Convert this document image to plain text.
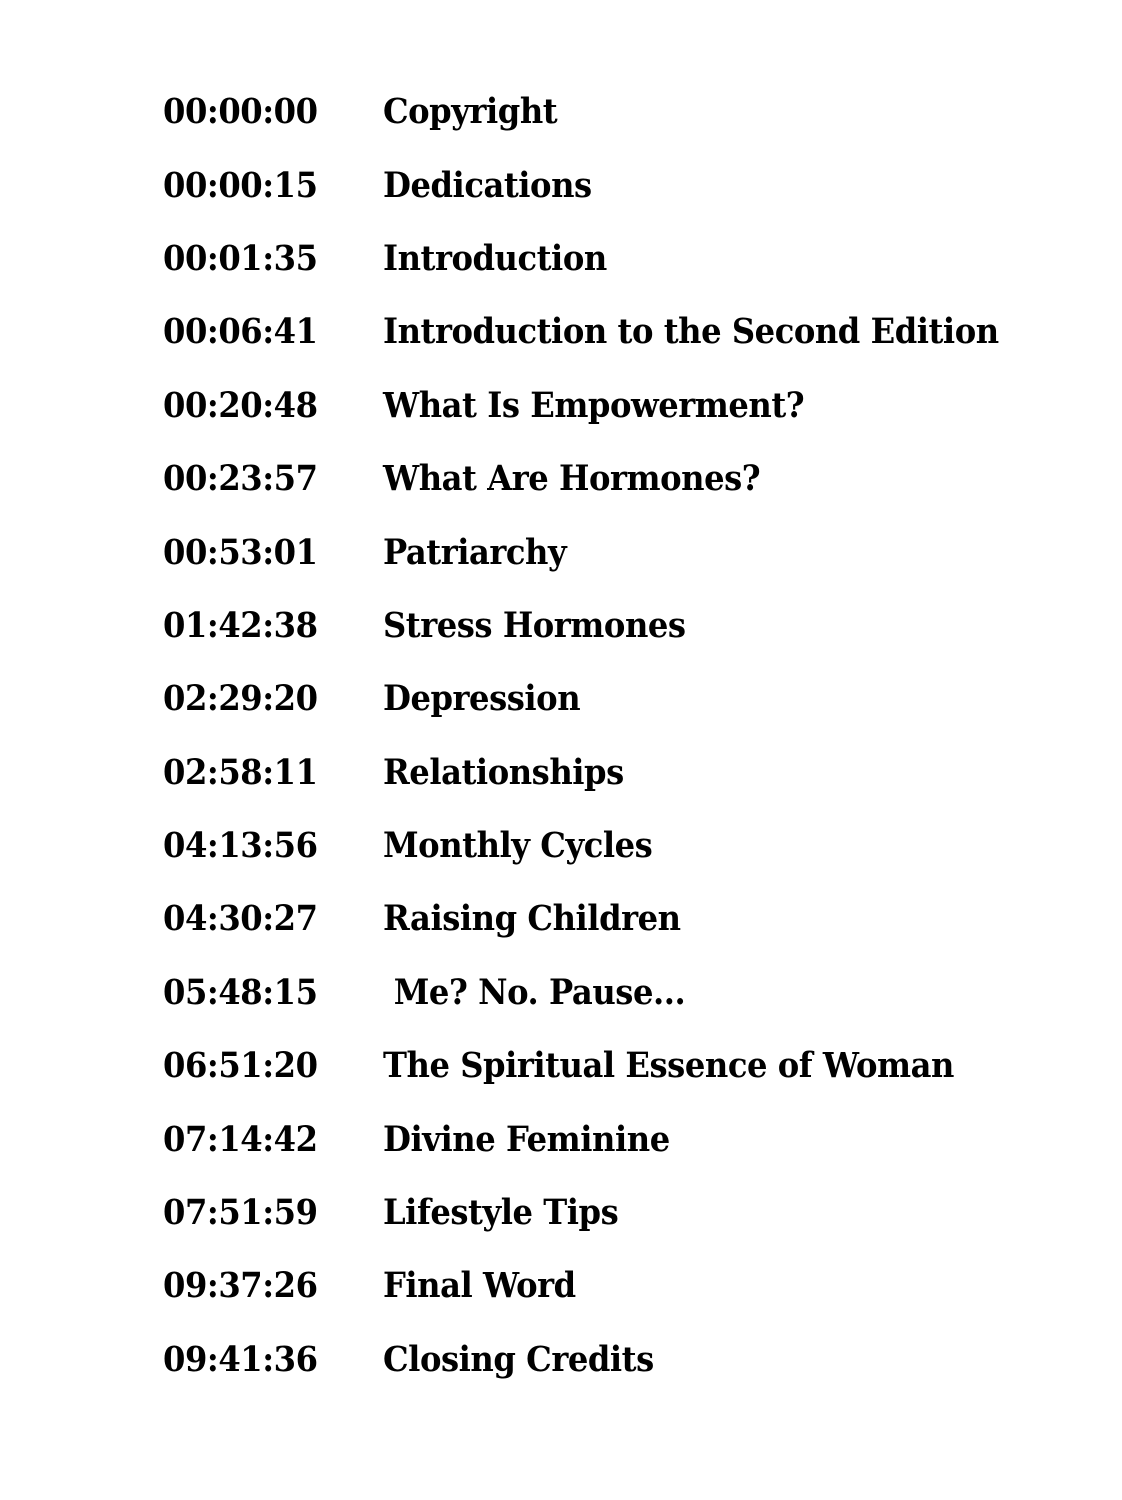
00:00:00	Copyright
00:00:15	Dedications
00:01:35	Introduction
00:06:41	Introduction to the Second Edition
00:20:48	What Is Empowerment?
00:23:57	What Are Hormones?
00:53:01	Patriarchy
01:42:38	Stress Hormones
02:29:20	Depression
02:58:11	Relationships
04:13:56	Monthly Cycles
04:30:27	Raising Children
05:48:15	Me? No. Pause...
06:51:20	The Spiritual Essence of Woman
07:14:42	Divine Feminine
07:51:59	Lifestyle Tips
09:37:26	Final Word
09:41:36	Closing Credits
